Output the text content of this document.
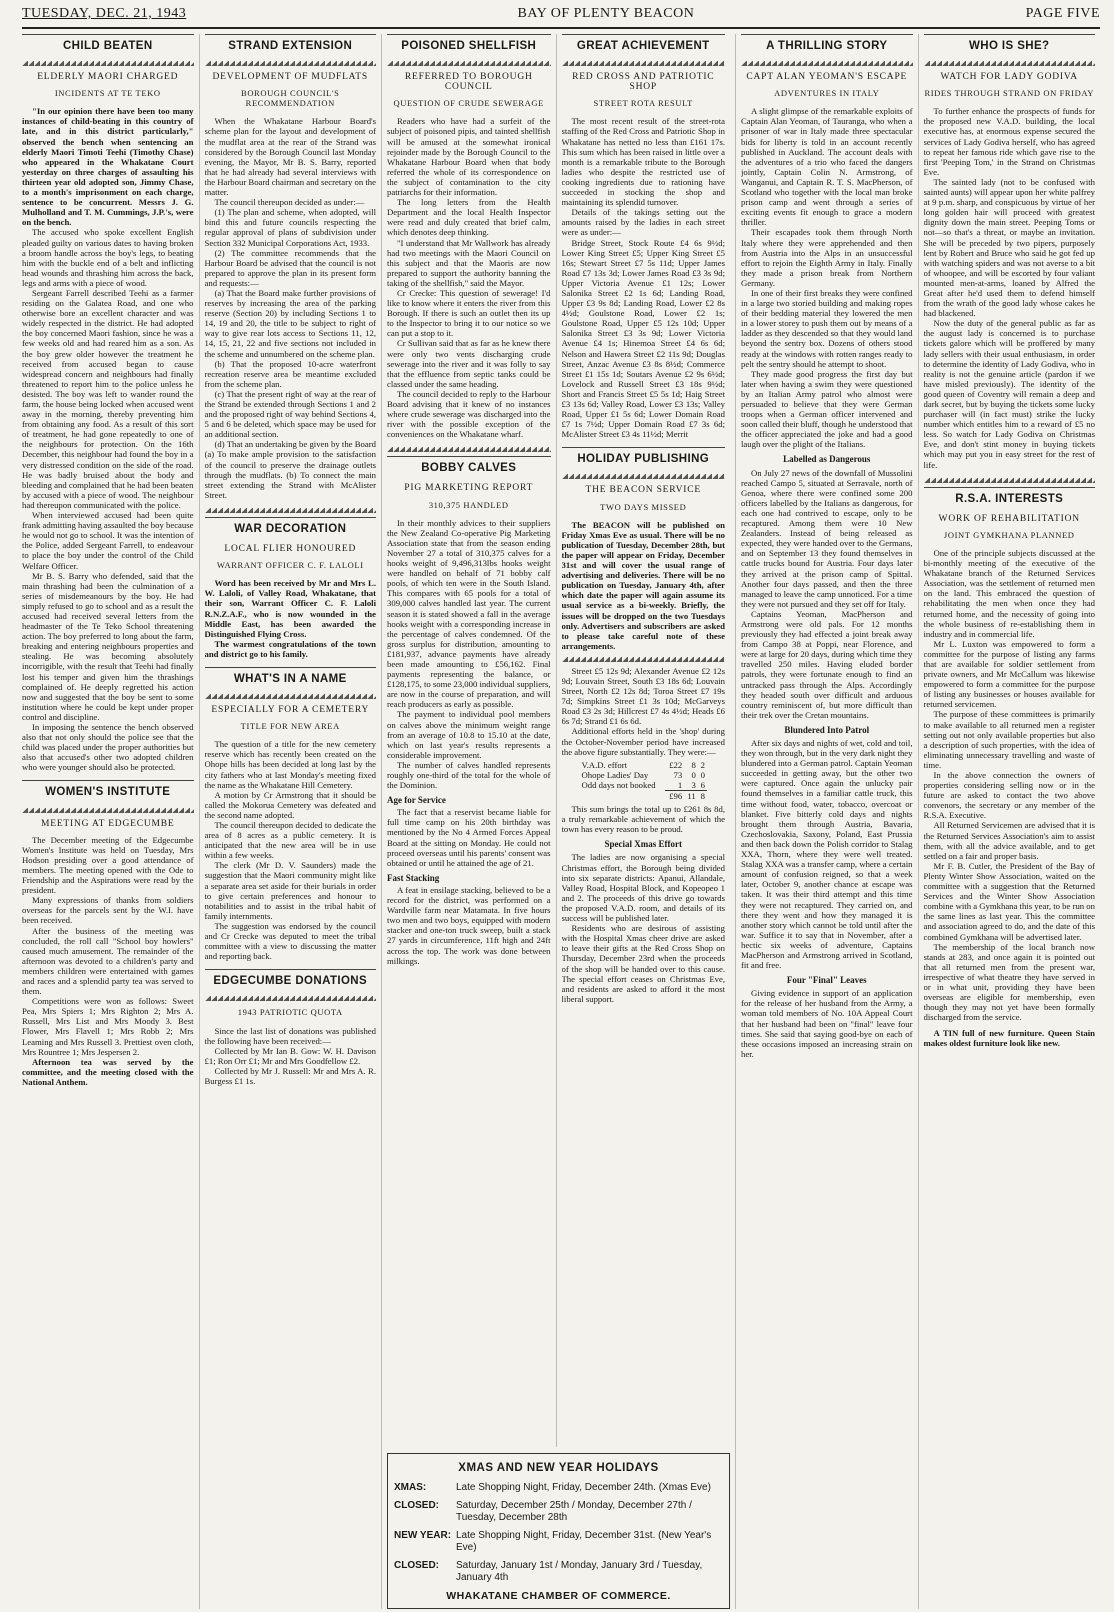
TUESDAY, DEC. 21, 1943	BAY OF PLENTY BEACON	PAGE FIVE
CHILD BEATEN
ELDERLY MAORI CHARGED
INCIDENTS AT TE TEKO

"In our opinion there have been too many instances of child-beating in this country of late, and in this district particularly," observed the bench when sentencing an elderly Maori Timoti Teehi (Timothy Chase) who appeared in the Whakatane Court yesterday on three charges of assaulting his thirteen year old adopted son, Jimmy Chase, to a month's imprisonment on each charge, sentence to be concurrent. Messrs J. G. Mulholland and T. M. Cummings, J.P.'s, were on the bench.

The accused who spoke excellent English pleaded guilty on various dates to having broken a broom handle across the boy's legs, to beating him with the buckle end of a belt and inflicting head wounds and thrashing him across the back, legs and arms with a piece of wood.

Sergeant Farrell described Teehi as a farmer residing on the Galatea Road, and one who otherwise bore an excellent character and was widely respected in the district. He had adopted the boy concerned Maori fashion, since he was a few weeks old and had reared him as a son. As the boy grew older however the treatment he received from accused began to cause widespread concern and neighbours had finally threatened to report him to the police unless he desisted. The boy was left to wander round the farm, the house being locked when accused went away in the morning, thereby preventing him from obtaining any food. As a result of this sort of treatment, he had gone repeatedly to one of the neighbours for protection. On the 16th December, this neighbour had found the boy in a very distressed condition on the side of the road. He was badly bruised about the body and bleeding and complained that he had been beaten by accused with a piece of wood. The neighbour had thereupon communicated with the police.

When interviewed accused had been quite frank admitting having assaulted the boy because he would not go to school. It was the intention of the Police, added Sergeant Farrell, to endeavour to place the boy under the control of the Child Welfare Officer.

Mr B. S. Barry who defended, said that the main thrashing had been the culmination of a series of misdemeanours by the boy. He had simply refused to go to school and as a result the accused had received several letters from the headmaster of the Te Teko School threatening action. The boy preferred to long about the farm, breaking and entering neighbours properties and stealing. He was becoming absolutely incorrigible, with the result that Teehi had finally lost his temper and given him the thrashings complained of. He deeply regretted his action now and suggested that the boy be sent to some institution where he could be kept under proper control and discipline.

In imposing the sentence the bench observed also that not only should the police see that the child was placed under the proper authorities but also that accused's other two adopted children who were younger should also be protected.

WOMEN'S INSTITUTE
MEETING AT EDGECUMBE

The December meeting of the Edgecumbe Women's Institute was held on Tuesday, Mrs Hodson presiding over a good attendance of members. The meeting opened with the Ode to Friendship and the Aspirations were read by the president.

Many expressions of thanks from soldiers overseas for the parcels sent by the W.I. have been received.

After the business of the meeting was concluded, the roll call "School boy howlers" caused much amusement. The remainder of the afternoon was devoted to a children's party and members children were entertained with games and races and a splendid party tea was served to them.

Competitions were won as follows: Sweet Pea, Mrs Spiers 1; Mrs Righton 2; Mrs A. Russell, Mrs List and Mrs Moody 3. Best Flower, Mrs Flavell 1; Mrs Robb 2; Mrs Leaming and Mrs Russell 3. Prettiest oven cloth, Mrs Rountree 1; Mrs Jespersen 2.

Afternoon tea was served by the committee, and the meeting closed with the National Anthem.

STRAND EXTENSION
DEVELOPMENT OF MUDFLATS
BOROUGH COUNCIL'S RECOMMENDATION

When the Whakatane Harbour Board's scheme plan for the layout and development of the mudflat area at the rear of the Strand was considered by the Borough Council last Monday evening, the Mayor, Mr B. S. Barry, reported that he had already had several interviews with the Harbour Board chairman and secretary on the matter.

The council thereupon decided as under:—

(1) The plan and scheme, when adopted, will bind this and future councils respecting the regular approval of plans of subdivision under Section 332 Municipal Corporations Act, 1933.

(2) The committee recommends that the Harbour Board be advised that the council is not prepared to approve the plan in its present form and requests:—

(a) That the Board make further provisions of reserves by increasing the area of the parking reserve (Section 20) by including Sections 1 to 14, 19 and 20, the title to be subject to right of way to give rear lots access to Sections 11, 12, 14, 15, 21, 22 and five sections not included in the scheme and unnumbered on the scheme plan.

(b) That the proposed 10-acre waterfront recreation reserve area be meantime excluded from the scheme plan.

(c) That the present right of way at the rear of the Strand be extended through Sections 1 and 2 and the proposed right of way behind Sections 4, 5 and 6 be deleted, which space may be used for an additional section.

(d) That an undertaking be given by the Board (a) To make ample provision to the satisfaction of the council to preserve the drainage outlets through the mudflats. (b) To connect the main street extending the Strand with McAlister Street.

WAR DECORATION
LOCAL FLIER HONOURED
WARRANT OFFICER C. F. LALOLI

Word has been received by Mr and Mrs L. W. Laloli, of Valley Road, Whakatane, that their son, Warrant Officer C. F. Laloli R.N.Z.A.F., who is now wounded in the Middle East, has been awarded the Distinguished Flying Cross.

The warmest congratulations of the town and district go to his family.

WHAT'S IN A NAME
ESPECIALLY FOR A CEMETERY
TITLE FOR NEW AREA

The question of a title for the new cemetery reserve which has recently been created on the Ohope hills has been decided at long last by the city fathers who at last Monday's meeting fixed the name as the Whakatane Hill Cemetery.

A motion by Cr Armstrong that it should be called the Mokorua Cemetery was defeated and the second name adopted.

The council thereupon decided to dedicate the area of 8 acres as a public cemetery. It is anticipated that the new area will be in use within a few weeks.

The clerk (Mr D. V. Saunders) made the suggestion that the Maori community might like a separate area set aside for their burials in order to give certain preferences and honour to notabilities and to assist in the tribal habit of family internments.

The suggestion was endorsed by the council and Cr Crecke was deputed to meet the tribal committee with a view to discussing the matter and reporting back.

EDGECUMBE DONATIONS
1943 PATRIOTIC QUOTA

Since the last list of donations was published the following have been received:—

Collected by Mr Ian B. Gow: W. H. Davison £1; Ron Orr £1; Mr and Mrs Goodfellow £2.

Collected by Mr J. Russell: Mr and Mrs A. R. Burgess £1 1s.

POISONED SHELLFISH
REFERRED TO BOROUGH COUNCIL
QUESTION OF CRUDE SEWERAGE

Readers who have had a surfeit of the subject of poisoned pipis, and tainted shellfish will be amused at the somewhat ironical rejoinder made by the Borough Council to the Whakatane Harbour Board when that body referred the whole of its correspondence on the subject of contamination to the city patriarchs for their information.

The long letters from the Health Department and the local Health Inspector were read and duly created that brief calm, which denotes deep thinking.

"I understand that Mr Wallwork has already had two meetings with the Maori Council on this subject and that the Maoris are now prepared to support the authority banning the taking of the shellfish," said the Mayor.

Cr Crecke: This question of sewerage! I'd like to know where it enters the river from this Borough. If there is such an outlet then its up to the Inspector to bring it to our notice so we can put a stop to it.

Cr Sullivan said that as far as he knew there were only two vents discharging crude sewerage into the river and it was folly to say that the effluence from septic tanks could be classed under the same heading.

The council decided to reply to the Harbour Board advising that it knew of no instances where crude sewerage was discharged into the river with the possible exception of the conveniences on the Whakatane wharf.

BOBBY CALVES
PIG MARKETING REPORT
310,375 HANDLED

In their monthly advices to their suppliers the New Zealand Co-operative Pig Marketing Association state that from the season ending November 27 a total of 310,375 calves for a hooks weight of 9,496,313lbs hooks weight were handled on behalf of 71 bobby calf pools, of which ten were in the South Island. This compares with 65 pools for a total of 309,000 calves handled last year. The current season it is stated showed a fall in the average hooks weight with a corresponding increase in the percentage of calves condemned. Of the gross surplus for distribution, amounting to £181,937, advance payments have already been made amounting to £56,162. Final payments representing the balance, or £128,175, to some 23,000 individual suppliers, are now in the course of preparation, and will reach producers as early as possible.

The payment to individual pool members on calves above the minimum weight range from an average of 10.8 to 15.10 at the date, which on last year's results represents a considerable improvement.

The number of calves handled represents roughly one-third of the total for the whole of the Dominion.

Age for Service

The fact that a reservist became liable for full time camp on his 20th birthday was mentioned by the No 4 Armed Forces Appeal Board at the sitting on Monday. He could not proceed overseas until his parents' consent was obtained or until he attained the age of 21.

Fast Stacking

A feat in ensilage stacking, believed to be a record for the district, was performed on a Wardville farm near Matamata. In five hours two men and two boys, equipped with modern stacker and one-ton truck sweep, built a stack 27 yards in circumference, 11ft high and 24ft across the top. The work was done between milkings.

GREAT ACHIEVEMENT
RED CROSS AND PATRIOTIC SHOP
STREET ROTA RESULT

The most recent result of the street-rota staffing of the Red Cross and Patriotic Shop in Whakatane has netted no less than £161 17s. This sum which has been raised in little over a month is a remarkable tribute to the Borough ladies who despite the restricted use of cooking ingredients due to rationing have succeeded in stocking the shop and maintaining its splendid turnover.

Details of the takings setting out the amounts raised by the ladies in each street were as under:—

Bridge Street, Stock Route £4 6s 9½d; Lower King Street £5; Upper King Street £5 16s; Stewart Street £7 5s 11d; Upper James Road £7 13s 3d; Lower James Road £3 3s 9d; Upper Victoria Avenue £1 12s; Lower Salonika Street £2 1s 6d; Landing Road, Upper £3 9s 8d; Landing Road, Lower £2 8s 4½d; Goulstone Road, Lower £2 1s; Goulstone Road, Upper £5 12s 10d; Upper Salonika Street £3 3s 9d; Lower Victoria Avenue £4 1s; Hinemoa Street £4 6s 6d; Nelson and Hawera Street £2 11s 9d; Douglas Street, Anzac Avenue £3 8s 8½d; Commerce Street £1 15s 1d; Soutars Avenue £2 9s 6½d; Lovelock and Russell Street £3 18s 9½d; Short and Francis Street £5 5s 1d; Haig Street £3 13s 6d; Valley Road, Lower £3 13s; Valley Road, Upper £1 5s 6d; Lower Domain Road £7 1s 7½d; Upper Domain Road £7 3s 6d; McAlister Street £3 4s 11½d; Merrit

HOLIDAY PUBLISHING
THE BEACON SERVICE
TWO DAYS MISSED

The BEACON will be published on Friday Xmas Eve as usual. There will be no publication of Tuesday, December 28th, but the paper will appear on Friday, December 31st and will cover the usual range of advertising and deliveries. There will be no publication on Tuesday, January 4th, after which date the paper will again assume its usual service as a bi-weekly. Briefly, the issues will be dropped on the two Tuesdays only. Advertisers and subscribers are asked to please take careful note of these arrangements.

Street £5 12s 9d; Alexander Avenue £2 12s 9d; Louvain Street, South £3 18s 6d; Louvain Street, North £2 12s 8d; Toroa Street £7 19s 7d; Simpkins Street £1 3s 10d; McGarveys Road £3 2s 3d; Hillcrest £7 4s 4½d; Heads £6 6s 7d; Strand £1 6s 6d.

Additional efforts held in the 'shop' during the October-November period have increased the above figure substantially. They were:—

V.A.D. effort	£22	8	2
Ohope Ladies' Day	73	0	0
Odd days not booked	1	3	6
	£96	11	8

This sum brings the total up to £261 8s 8d, a truly remarkable achievement of which the town has every reason to be proud.

Special Xmas Effort

The ladies are now organising a special Christmas effort, the Borough being divided into six separate districts: Apanui, Allandale, Valley Road, Hospital Block, and Kopeopeo 1 and 2. The proceeds of this drive go towards the proposed V.A.D. room, and details of its success will be published later.

Residents who are desirous of assisting with the Hospital Xmas cheer drive are asked to leave their gifts at the Red Cross Shop on Thursday, December 23rd when the proceeds of the shop will be handed over to this cause. The special effort ceases on Christmas Eve, and residents are asked to afford it the most liberal support.

XMAS AND NEW YEAR HOLIDAYS
XMAS:	Late Shopping Night, Friday, December 24th. (Xmas Eve)
CLOSED:	Saturday, December 25th / Monday, December 27th / Tuesday, December 28th
NEW YEAR: Late Shopping Night, Friday, December 31st. (New Year's Eve)
CLOSED:	Saturday, January 1st / Monday, January 3rd / Tuesday, January 4th
WHAKATANE CHAMBER OF COMMERCE.
A THRILLING STORY
CAPT ALAN YEOMAN'S ESCAPE
ADVENTURES IN ITALY

A slight glimpse of the remarkable exploits of Captain Alan Yeoman, of Tauranga, who when a prisoner of war in Italy made three spectacular bids for liberty is told in an account recently published in Auckland. The account deals with the adventures of a trio who faced the dangers jointly, Captain Colin N. Armstrong, of Wanganui, and Captain R. T. S. MacPherson, of Scotland who together with the local man broke prison camp and went through a series of exciting events fit enough to grace a modern thriller.

Their escapades took them through North Italy where they were apprehended and then from Austria into the Alps in an unsuccessful effort to rejoin the Eighth Army in Italy. Finally they made a prison break from Northern Germany.

In one of their first breaks they were confined in a large two storied building and making ropes of their bedding material they lowered the men in a lower storey to push them out by means of a ladder as they descended so that they would land beyond the sentry box. Dozens of others stood ready at the windows with rotten ranges ready to pelt the sentry should he attempt to shoot.

They made good progress the first day but later when having a swim they were questioned by an Italian Army patrol who almost were persuaded to believe that they were German troops when a German officer intervened and soon called their bluff, though he understood that the officer appreciated the joke and had a good laugh over the plight of the Italians.

Labelled as Dangerous

On July 27 news of the downfall of Mussolini reached Campo 5, situated at Serravale, north of Genoa, where there were confined some 200 officers labelled by the Italians as dangerous, for each one had contrived to escape, only to be recaptured. Among them were 10 New Zealanders. Instead of being released as expected, they were handed over to the Germans, and on September 13 they found themselves in cattle trucks bound for Austria. Four days later they arrived at the prison camp of Spittal. Another four days passed, and then the three managed to leave the camp unnoticed. For a time they were not pursued and they set off for Italy.

Captains Yeoman, MacPherson and Armstrong were old pals. For 12 months previously they had effected a joint break away from Campo 38 at Poppi, near Florence, and were at large for 20 days, during which time they travelled 250 miles. Having eluded border patrols, they were fortunate enough to find an untracked pass through the Alps. Accordingly they headed south over difficult and arduous country reminiscent of, but more difficult than their trek over the Cretan mountains.

Blundered Into Patrol

After six days and nights of wet, cold and toil, they won through, but in the very dark night they blundered into a German patrol. Captain Yeoman succeeded in getting away, but the other two were captured. Once again the unlucky pair found themselves in a familiar cattle truck, this time without food, water, tobacco, overcoat or blanket. Five bitterly cold days and nights brought them through Austria, Bavaria, Czechoslovakia, Saxony, Poland, East Prussia and then back down the Polish corridor to Stalag XXA, Thorn, where they were well treated. Stalag XXA was a transfer camp, where a certain amount of confusion reigned, so that a week later, October 9, another chance at escape was taken. It was their third attempt and this time they were not recaptured. They carried on, and there they went and how they managed it is another story which cannot be told until after the war. Suffice it to say that in November, after a hectic six weeks of adventure, Captains MacPherson and Armstrong arrived in Scotland, fit and free.

Four "Final" Leaves

Giving evidence in support of an application for the release of her husband from the Army, a woman told members of No. 10A Appeal Court that her husband had been on "final" leave four times. She said that saying good-bye on each of these occasions imposed an increasing strain on her.

WHO IS SHE?
WATCH FOR LADY GODIVA
RIDES THROUGH STRAND ON FRIDAY

To further enhance the prospects of funds for the proposed new V.A.D. building, the local executive has, at enormous expense secured the services of Lady Godiva herself, who has agreed to repeat her famous ride which gave rise to the first 'Peeping Tom,' in the Strand on Christmas Eve.

The sainted lady (not to be confused with sainted aunts) will appear upon her white palfrey at 9 p.m. sharp, and conspicuous by virtue of her long golden hair will proceed with greatest dignity down the main street. Peeping Toms or not—so that's a threat, or maybe an invitation. She will be preceded by two pipers, purposely lent by Robert and Bruce who said he got fed up with watching spiders and was not averse to a bit of whoopee, and will be escorted by four valiant mounted men-at-arms, loaned by Alfred the Great after he'd used them to defend himself from the wrath of the good lady whose cakes he had blackened.

Now the duty of the general public as far as the august lady is concerned is to purchase tickets galore which will be proffered by many lady sellers with their usual enthusiasm, in order to determine the identity of Lady Godiva, who in reality is not the genuine article (pardon if we have misled previously). The identity of the good queen of Coventry will remain a deep and dark secret, but by buying the tickets some lucky purchaser will (in fact must) strike the lucky number which entitles him to a reward of £5 no less. So watch for Lady Godiva on Christmas Eve, and don't stint money in buying tickets which may put you in easy street for the rest of life.

R.S.A. INTERESTS
WORK OF REHABILITATION
JOINT GYMKHANA PLANNED

One of the principle subjects discussed at the bi-monthly meeting of the executive of the Whakatane branch of the Returned Services Association, was the settlement of returned men on the land. This embraced the question of rehabilitating the men when once they had returned home, and the necessity of going into the whole business of re-establishing them in industry and in commercial life.

Mr L. Luxton was empowered to form a committee for the purpose of listing any farms that are available for soldier settlement from private owners, and Mr McCallum was likewise empowered to form a committee for the purpose of listing any businesses or houses available for returned servicemen.

The purpose of these committees is primarily to make available to all returned men a register setting out not only available properties but also a description of such properties, with the idea of eliminating unnecessary travelling and waste of time.

In the above connection the owners of properties considering selling now or in the future are asked to contact the two above convenors, the secretary or any member of the R.S.A. Executive.

All Returned Servicemen are advised that it is the Returned Services Association's aim to assist them, with all the advice available, and to get settled on a fair and proper basis.

Mr F. B. Cutler, the President of the Bay of Plenty Winter Show Association, waited on the committee with a suggestion that the Returned Services and the Winter Show Association combine with a Gymkhana this year, to be run on the same lines as last year. This the committee and association agreed to do, and the date of this combined Gymkhana will be advertised later.

The membership of the local branch now stands at 283, and once again it is pointed out that all returned men from the present war, irrespective of what theatre they have served in or in what unit, providing they have been overseas are eligible for membership, even though they may not yet have been formally discharged from the service.

A TIN full of new furniture. Queen Stain makes oldest furniture look like new.
